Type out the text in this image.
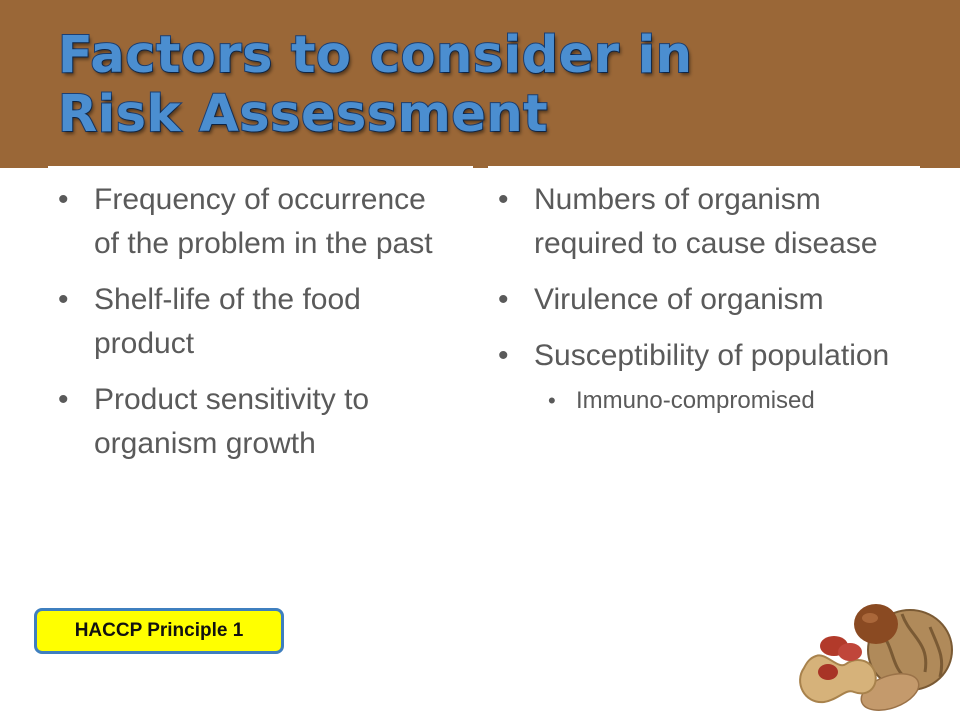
Factors to consider in
Risk Assessment
• Frequency of occurrence of the problem in the past
• Shelf-life of the food product
• Product sensitivity to organism growth
• Numbers of organism required to cause disease
• Virulence of organism
• Susceptibility of population
• Immuno-compromised
HACCP Principle 1
